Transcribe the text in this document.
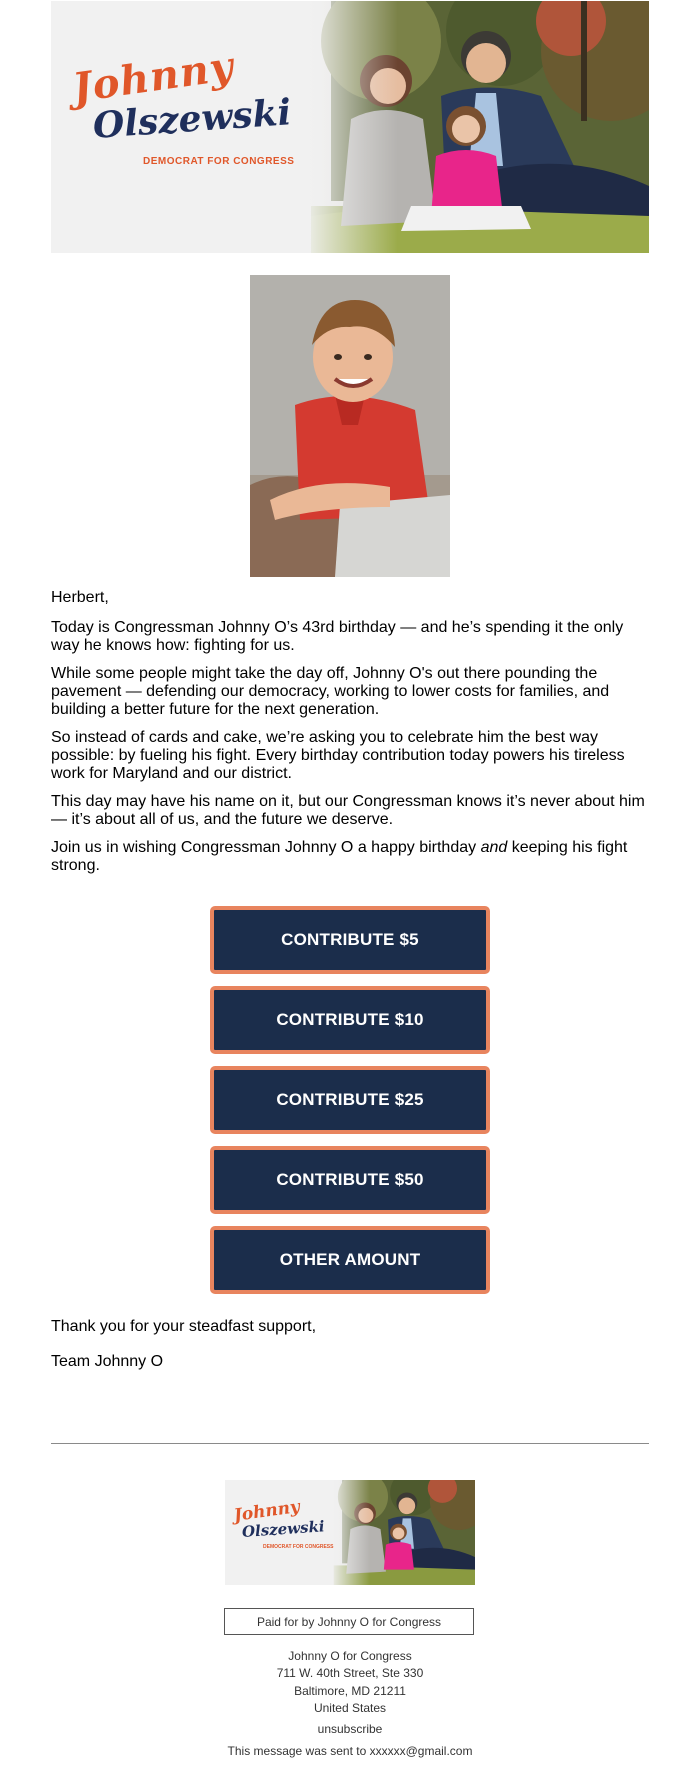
Johnny
Olszewski
DEMOCRAT FOR CONGRESS

Herbert,

Today is Congressman Johnny O’s 43rd birthday — and he’s spending it the only way he knows how: fighting for us.

While some people might take the day off, Johnny O's out there pounding the pavement — defending our democracy, working to lower costs for families, and building a better future for the next generation.

So instead of cards and cake, we’re asking you to celebrate him the best way possible: by fueling his fight. Every birthday contribution today powers his tireless work for Maryland and our district.

This day may have his name on it, but our Congressman knows it’s never about him — it’s about all of us, and the future we deserve.

Join us in wishing Congressman Johnny O a happy birthday and keeping his fight strong.

CONTRIBUTE $5
CONTRIBUTE $10
CONTRIBUTE $25
CONTRIBUTE $50
OTHER AMOUNT
Thank you for your steadfast support,
Team Johnny O
Johnny
Olszewski
DEMOCRAT FOR CONGRESS
Paid for by Johnny O for Congress
Johnny O for Congress
711 W. 40th Street, Ste 330
Baltimore, MD 21211
United States
unsubscribe
This message was sent to xxxxxx@gmail.com
